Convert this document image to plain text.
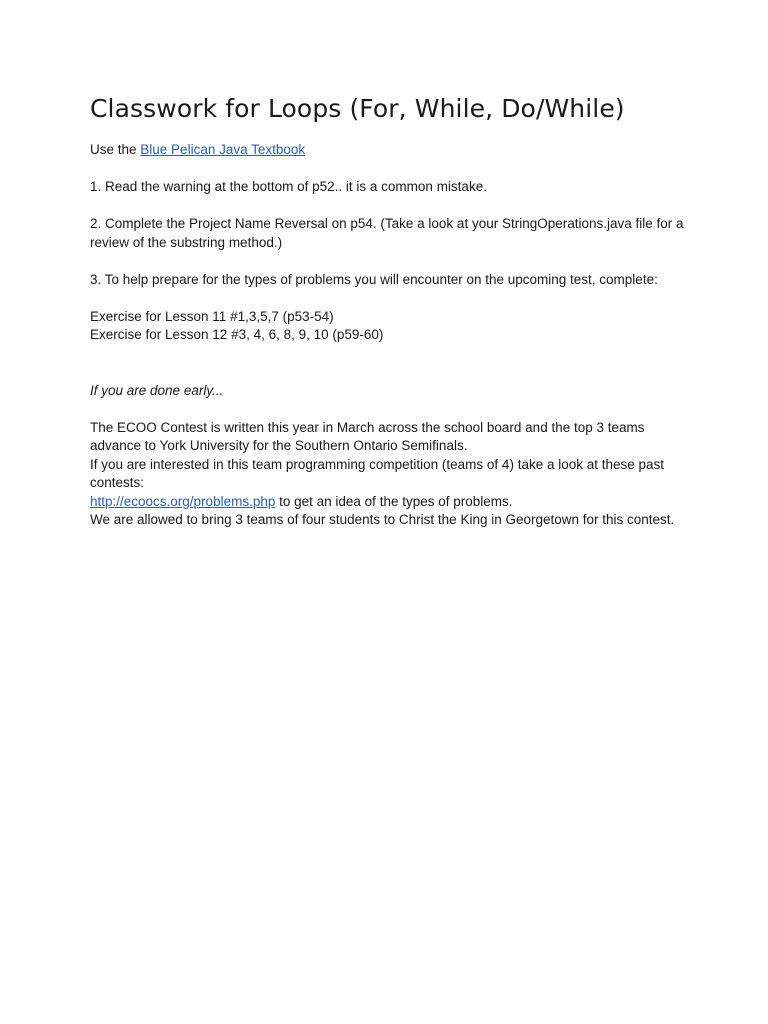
Classwork for Loops (For, While, Do/While)

Use the Blue Pelican Java Textbook

1. Read the warning at the bottom of p52.. it is a common mistake.

2. Complete the Project Name Reversal on p54. (Take a look at your StringOperations.java file for a review of the substring method.)

3. To help prepare for the types of problems you will encounter on the upcoming test, complete:

Exercise for Lesson 11 #1,3,5,7 (p53-54)

Exercise for Lesson 12 #3, 4, 6, 8, 9, 10 (p59-60)

If you are done early...

The ECOO Contest is written this year in March across the school board and the top 3 teams

advance to York University for the Southern Ontario Semifinals.

If you are interested in this team programming competition (teams of 4) take a look at these past contests:

http://ecoocs.org/problems.php to get an idea of the types of problems.

We are allowed to bring 3 teams of four students to Christ the King in Georgetown for this contest.
